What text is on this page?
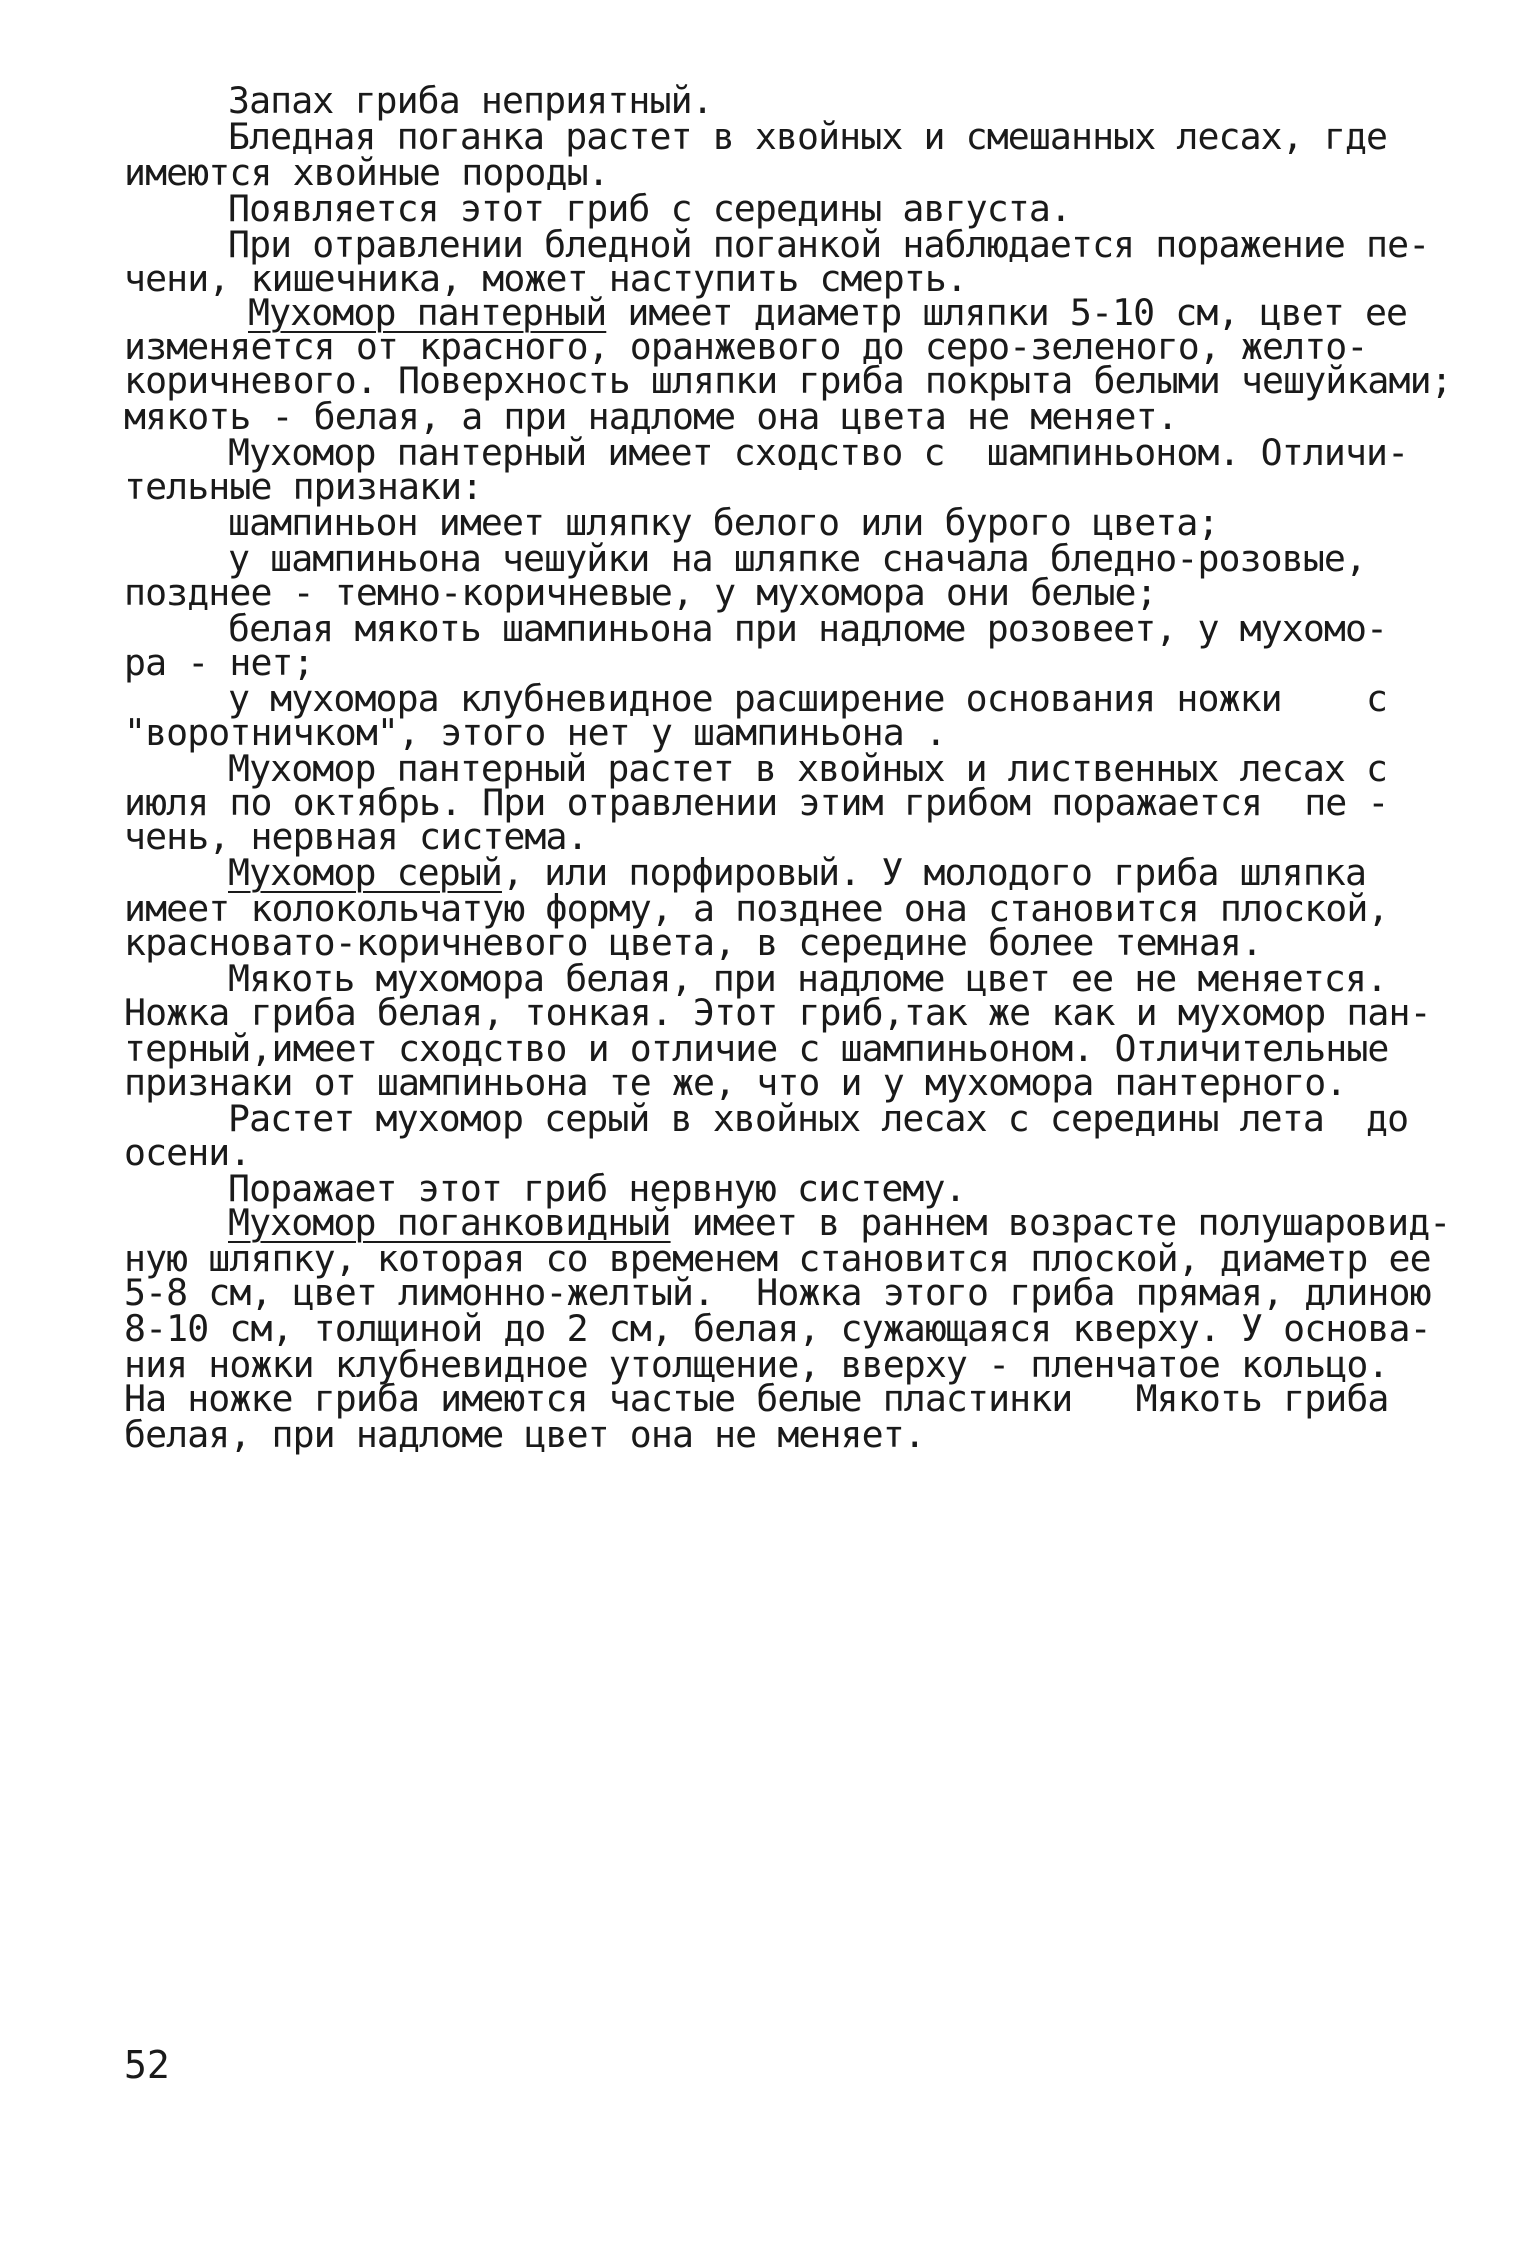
Запах гриба неприятный.
Бледная поганка растет в хвойных и смешанных лесах, где
имеются хвойные породы.
Появляется этот гриб с середины августа.
При отравлении бледной поганкой наблюдается поражение пе-
чени, кишечника, может наступить смерть.
Мухомор пантерный имеет диаметр шляпки 5-10 см, цвет ее
изменяется от красного, оранжевого до серо-зеленого, желто-
коричневого. Поверхность шляпки гриба покрыта белыми чешуйками;
мякоть - белая, а при надломе она цвета не меняет.
Мухомор пантерный имеет сходство с  шампиньоном. Отличи-
тельные признаки:
шампиньон имеет шляпку белого или бурого цвета;
у шампиньона чешуйки на шляпке сначала бледно-розовые,
позднее - темно-коричневые, у мухомора они белые;
белая мякоть шампиньона при надломе розовеет, у мухомо-
ра - нет;
у мухомора клубневидное расширение основания ножки    с
"воротничком", этого нет у шампиньона .
Мухомор пантерный растет в хвойных и лиственных лесах с
июля по октябрь. При отравлении этим грибом поражается  пе -
чень, нервная система.
Мухомор серый, или порфировый. У молодого гриба шляпка
имеет колокольчатую форму, а позднее она становится плоской,
красновато-коричневого цвета, в середине более темная.
Мякоть мухомора белая, при надломе цвет ее не меняется.
Ножка гриба белая, тонкая. Этот гриб,так же как и мухомор пан-
терный,имеет сходство и отличие с шампиньоном. Отличительные
признаки от шампиньона те же, что и у мухомора пантерного.
Растет мухомор серый в хвойных лесах с середины лета  до
осени.
Поражает этот гриб нервную систему.
Мухомор поганковидный имеет в раннем возрасте полушаровид-
ную шляпку, которая со временем становится плоской, диаметр ее
5-8 см, цвет лимонно-желтый.  Ножка этого гриба прямая, длиною
8-10 см, толщиной до 2 см, белая, сужающаяся кверху. У основа-
ния ножки клубневидное утолщение, вверху - пленчатое кольцо.
На ножке гриба имеются частые белые пластинки   Мякоть гриба
белая, при надломе цвет она не меняет.
52
